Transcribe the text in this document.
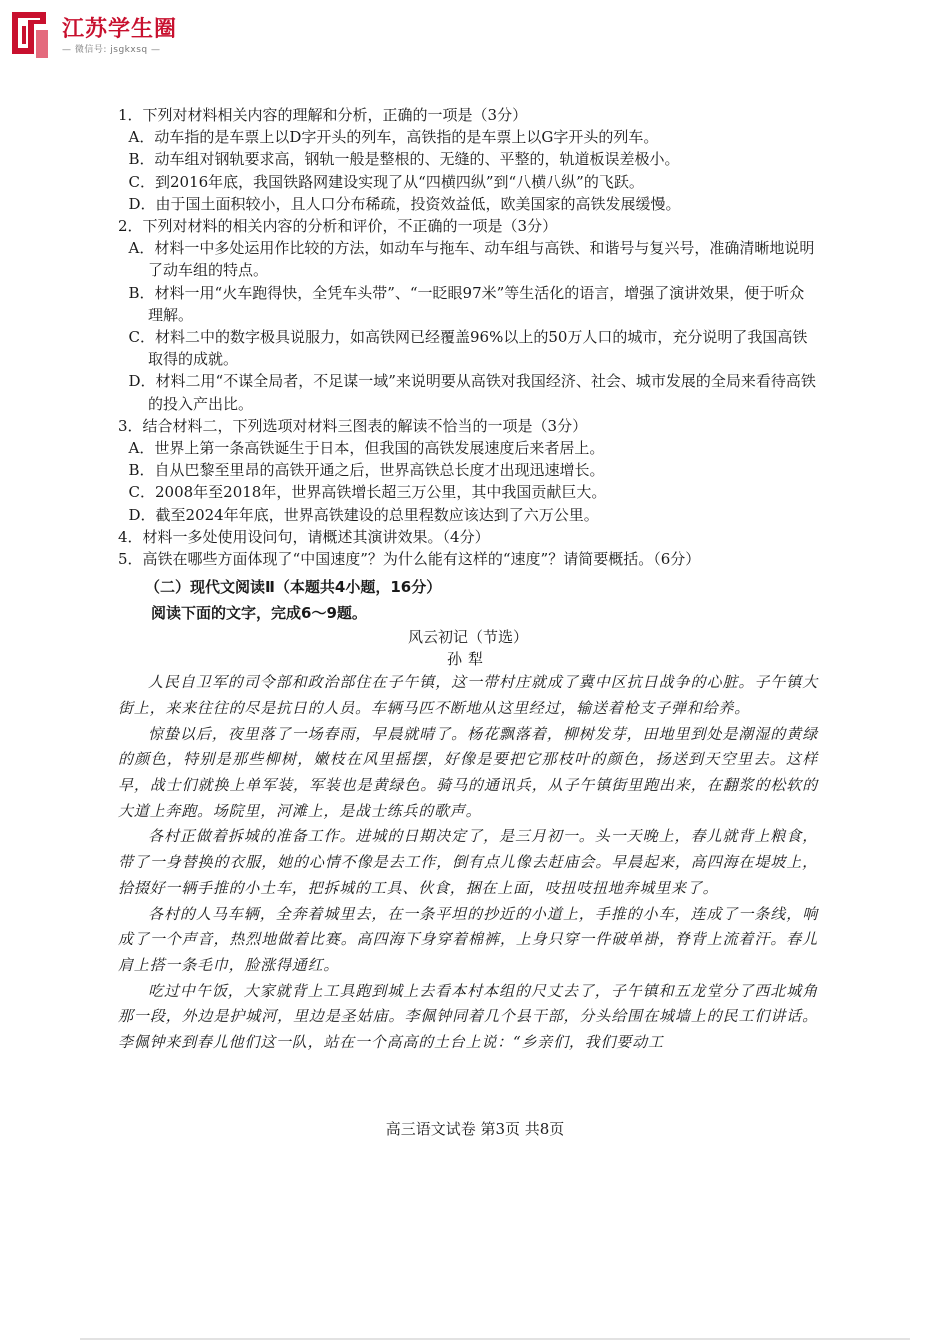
江苏学生圈
— 微信号: jsgkxsq —

1．下列对材料相关内容的理解和分析，正确的一项是（3分）

A．动车指的是车票上以D字开头的列车，高铁指的是车票上以G字开头的列车。

B．动车组对钢轨要求高，钢轨一般是整根的、无缝的、平整的，轨道板误差极小。

C．到2016年底，我国铁路网建设实现了从“四横四纵”到“八横八纵”的飞跃。

D．由于国土面积较小，且人口分布稀疏，投资效益低，欧美国家的高铁发展缓慢。

2．下列对材料的相关内容的分析和评价，不正确的一项是（3分）

A．材料一中多处运用作比较的方法，如动车与拖车、动车组与高铁、和谐号与复兴号，准确清晰地说明了动车组的特点。

B．材料一用“火车跑得快，全凭车头带”、“一眨眼97米”等生活化的语言，增强了演讲效果，便于听众理解。

C．材料二中的数字极具说服力，如高铁网已经覆盖96%以上的50万人口的城市，充分说明了我国高铁取得的成就。

D．材料二用“不谋全局者，不足谋一域”来说明要从高铁对我国经济、社会、城市发展的全局来看待高铁的投入产出比。

3．结合材料二，下列选项对材料三图表的解读不恰当的一项是（3分）

A．世界上第一条高铁诞生于日本，但我国的高铁发展速度后来者居上。

B．自从巴黎至里昂的高铁开通之后，世界高铁总长度才出现迅速增长。

C．2008年至2018年，世界高铁增长超三万公里，其中我国贡献巨大。

D．截至2024年年底，世界高铁建设的总里程数应该达到了六万公里。

4．材料一多处使用设问句，请概述其演讲效果。（4分）

5．高铁在哪些方面体现了“中国速度”？为什么能有这样的“速度”？请简要概括。（6分）

（二）现代文阅读Ⅱ（本题共4小题，16分）

阅读下面的文字，完成6～9题。

风云初记（节选）

孙犁

人民自卫军的司令部和政治部住在子午镇，这一带村庄就成了冀中区抗日战争的心脏。子午镇大街上，来来往往的尽是抗日的人员。车辆马匹不断地从这里经过，输送着枪支子弹和给养。

惊蛰以后，夜里落了一场春雨，早晨就晴了。杨花飘落着，柳树发芽，田地里到处是潮湿的黄绿的颜色，特别是那些柳树，嫩枝在风里摇摆，好像是要把它那枝叶的颜色，扬送到天空里去。这样早，战士们就换上单军装，军装也是黄绿色。骑马的通讯兵，从子午镇街里跑出来，在翻浆的松软的大道上奔跑。场院里，河滩上，是战士练兵的歌声。

各村正做着拆城的准备工作。进城的日期决定了，是三月初一。头一天晚上，春儿就背上粮食，带了一身替换的衣服，她的心情不像是去工作，倒有点儿像去赶庙会。早晨起来，高四海在堤坡上，拾掇好一辆手推的小土车，把拆城的工具、伙食，捆在上面，吱扭吱扭地奔城里来了。

各村的人马车辆，全奔着城里去，在一条平坦的抄近的小道上，手推的小车，连成了一条线，响成了一个声音，热烈地做着比赛。高四海下身穿着棉裤，上身只穿一件破单褂，脊背上流着汗。春儿肩上搭一条毛巾，脸涨得通红。

吃过中午饭，大家就背上工具跑到城上去看本村本组的尺丈去了，子午镇和五龙堂分了西北城角那一段，外边是护城河，里边是圣姑庙。李佩钟同着几个县干部，分头给围在城墙上的民工们讲话。李佩钟来到春儿他们这一队，站在一个高高的土台上说：“乡亲们，我们要动工

高三语文试卷 第3页 共8页
